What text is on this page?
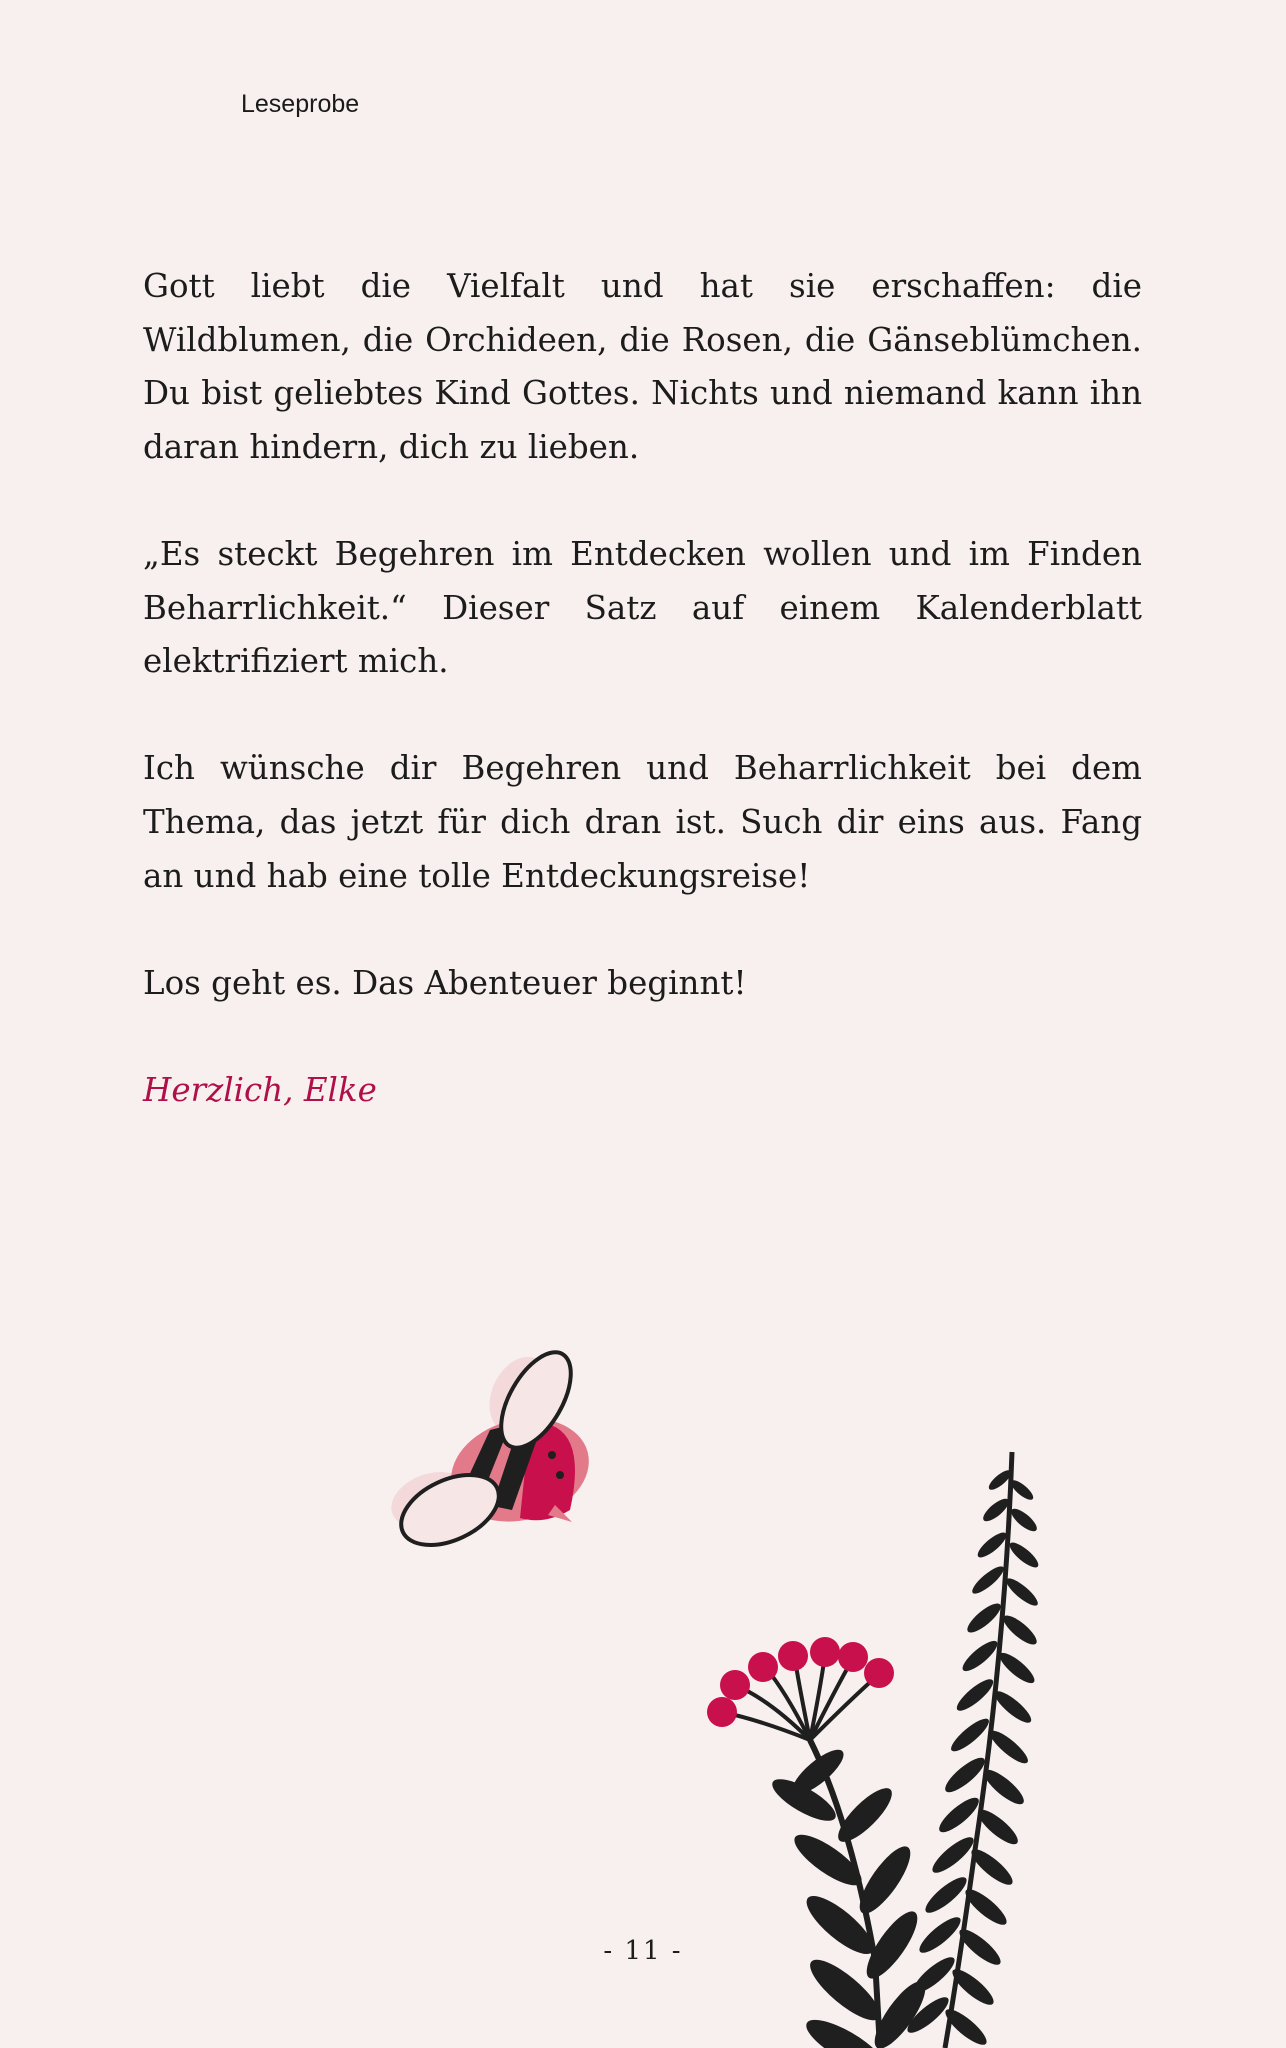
Leseprobe

Gott liebt die Vielfalt und hat sie erschaffen: die Wildblumen, die Orchideen, die Rosen, die Gänseblümchen. Du bist geliebtes Kind Gottes. Nichts und niemand kann ihn daran hindern, dich zu lieben.

„Es steckt Begehren im Entdecken wollen und im Finden Beharrlichkeit.“ Dieser Satz auf einem Kalenderblatt elektrifiziert mich.

Ich wünsche dir Begehren und Beharrlichkeit bei dem Thema, das jetzt für dich dran ist. Such dir eins aus. Fang an und hab eine tolle Entdeckungsreise!

Los geht es. Das Abenteuer beginnt!

Herzlich, Elke

- 11 -
